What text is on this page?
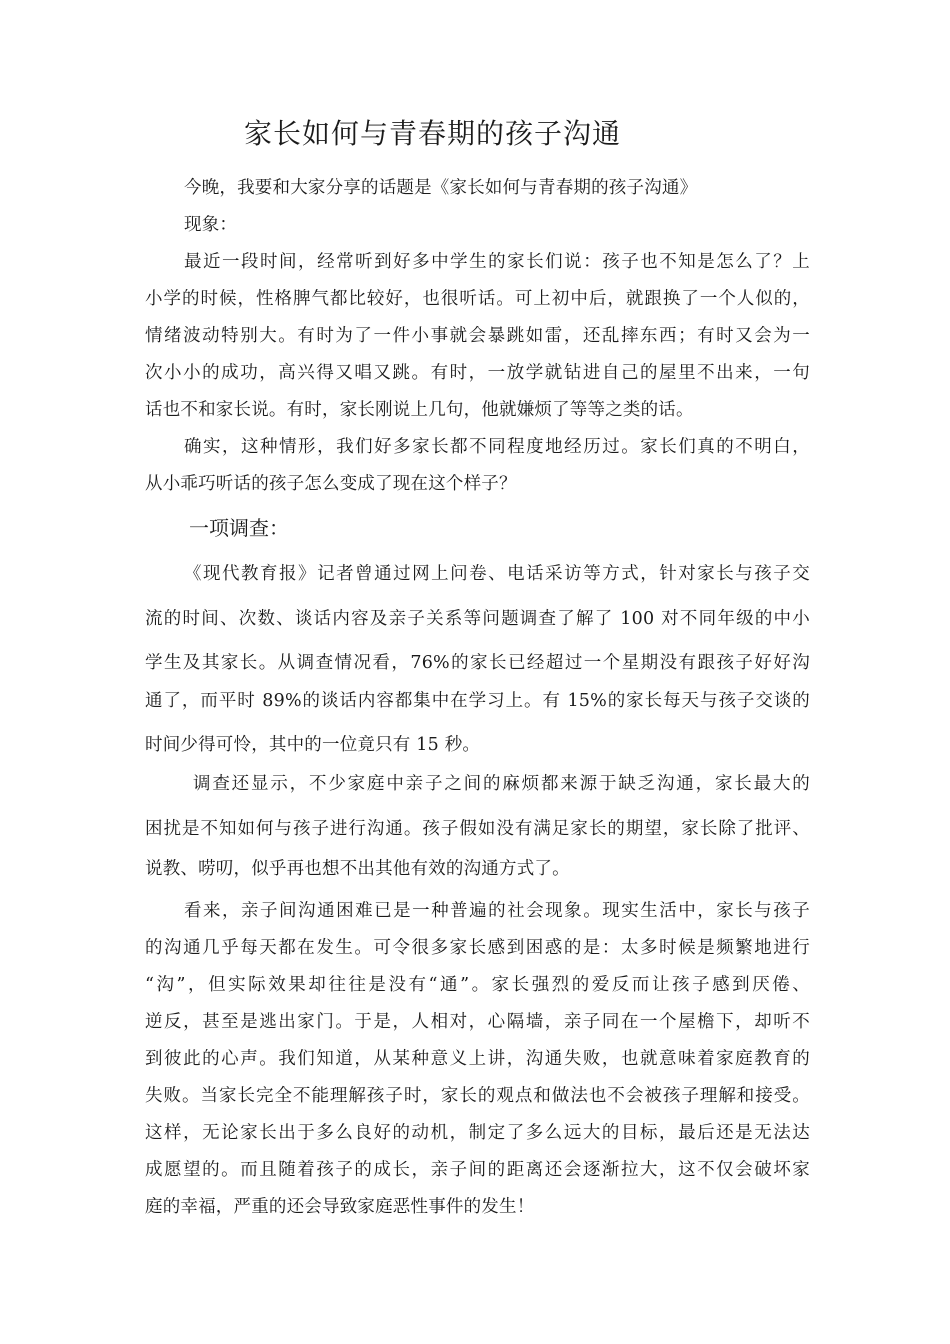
家长如何与青春期的孩子沟通
今晚，我要和大家分享的话题是《家长如何与青春期的孩子沟通》
现象：
最近一段时间，经常听到好多中学生的家长们说：孩子也不知是怎么了？上
小学的时候，性格脾气都比较好，也很听话。可上初中后，就跟换了一个人似的，
情绪波动特别大。有时为了一件小事就会暴跳如雷，还乱摔东西；有时又会为一
次小小的成功，高兴得又唱又跳。有时，一放学就钻进自己的屋里不出来，一句
话也不和家长说。有时，家长刚说上几句，他就嫌烦了等等之类的话。
确实，这种情形，我们好多家长都不同程度地经历过。家长们真的不明白，
从小乖巧听话的孩子怎么变成了现在这个样子？
一项调查：
《现代教育报》记者曾通过网上问卷、电话采访等方式，针对家长与孩子交
流的时间、次数、谈话内容及亲子关系等问题调查了解了 100 对不同年级的中小
学生及其家长。从调查情况看，76%的家长已经超过一个星期没有跟孩子好好沟
通了，而平时 89%的谈话内容都集中在学习上。有 15%的家长每天与孩子交谈的
时间少得可怜，其中的一位竟只有 15 秒。
调查还显示，不少家庭中亲子之间的麻烦都来源于缺乏沟通，家长最大的
困扰是不知如何与孩子进行沟通。孩子假如没有满足家长的期望，家长除了批评、
说教、唠叨，似乎再也想不出其他有效的沟通方式了。
看来，亲子间沟通困难已是一种普遍的社会现象。现实生活中，家长与孩子
的沟通几乎每天都在发生。可令很多家长感到困惑的是：太多时候是频繁地进行
“沟”，但实际效果却往往是没有“通”。家长强烈的爱反而让孩子感到厌倦、
逆反，甚至是逃出家门。于是，人相对，心隔墙，亲子同在一个屋檐下，却听不
到彼此的心声。我们知道，从某种意义上讲，沟通失败，也就意味着家庭教育的
失败。当家长完全不能理解孩子时，家长的观点和做法也不会被孩子理解和接受。
这样，无论家长出于多么良好的动机，制定了多么远大的目标，最后还是无法达
成愿望的。而且随着孩子的成长，亲子间的距离还会逐渐拉大，这不仅会破坏家
庭的幸福，严重的还会导致家庭恶性事件的发生！
